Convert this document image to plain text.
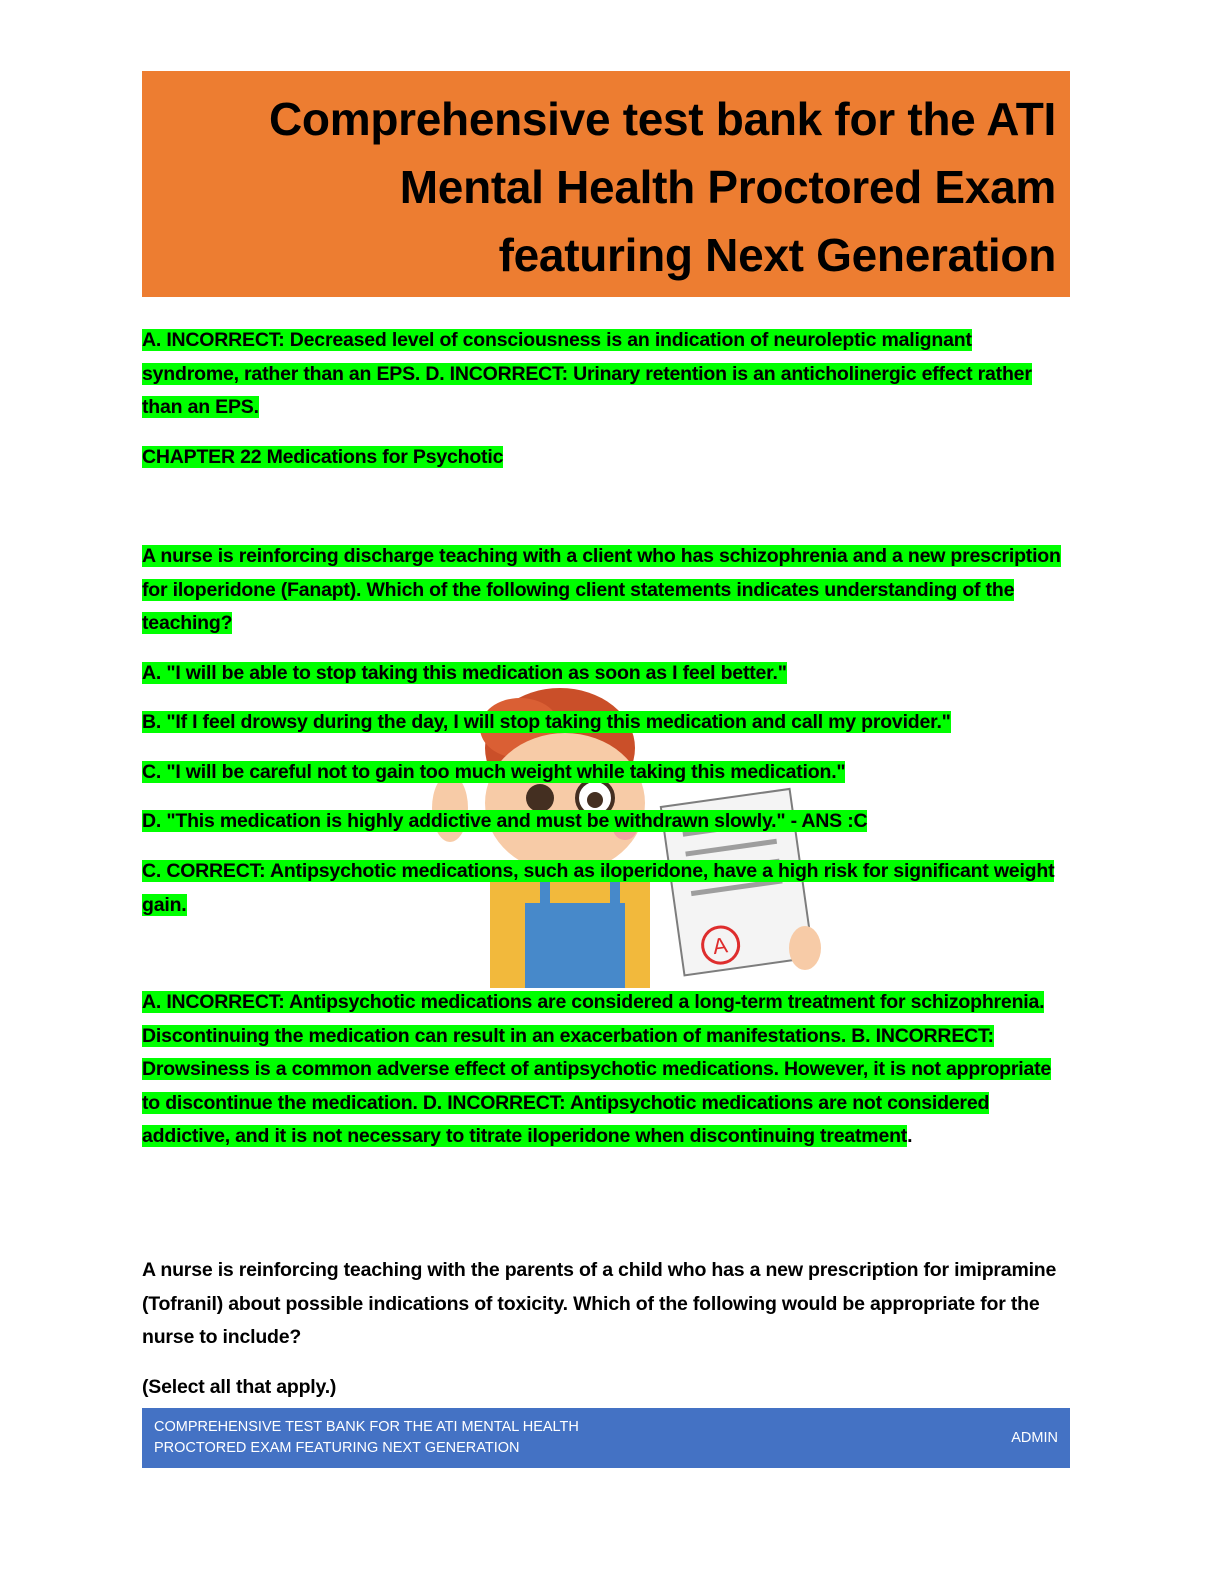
Comprehensive test bank for the ATI
Mental Health Proctored Exam
featuring Next Generation
A

A. INCORRECT: Decreased level of consciousness is an indication of neuroleptic malignant syndrome, rather than an EPS. D. INCORRECT: Urinary retention is an anticholinergic effect rather than an EPS.

CHAPTER 22 Medications for Psychotic

A nurse is reinforcing discharge teaching with a client who has schizophrenia and a new prescription for iloperidone (Fanapt). Which of the following client statements indicates understanding of the teaching?

A. "I will be able to stop taking this medication as soon as I feel better."

B. "If I feel drowsy during the day, I will stop taking this medication and call my provider."

C. "I will be careful not to gain too much weight while taking this medication."

D. "This medication is highly addictive and must be withdrawn slowly." - ANS :C

C. CORRECT: Antipsychotic medications, such as iloperidone, have a high risk for significant weight gain.

A. INCORRECT: Antipsychotic medications are considered a long-term treatment for schizophrenia. Discontinuing the medication can result in an exacerbation of manifestations. B. INCORRECT: Drowsiness is a common adverse effect of antipsychotic medications. However, it is not appropriate to discontinue the medication. D. INCORRECT: Antipsychotic medications are not considered addictive, and it is not necessary to titrate iloperidone when discontinuing treatment.

A nurse is reinforcing teaching with the parents of a child who has a new prescription for imipramine (Tofranil) about possible indications of toxicity. Which of the following would be appropriate for the nurse to include?

(Select all that apply.)

COMPREHENSIVE TEST BANK FOR THE ATI MENTAL HEALTH
PROCTORED EXAM FEATURING NEXT GENERATION
ADMIN
